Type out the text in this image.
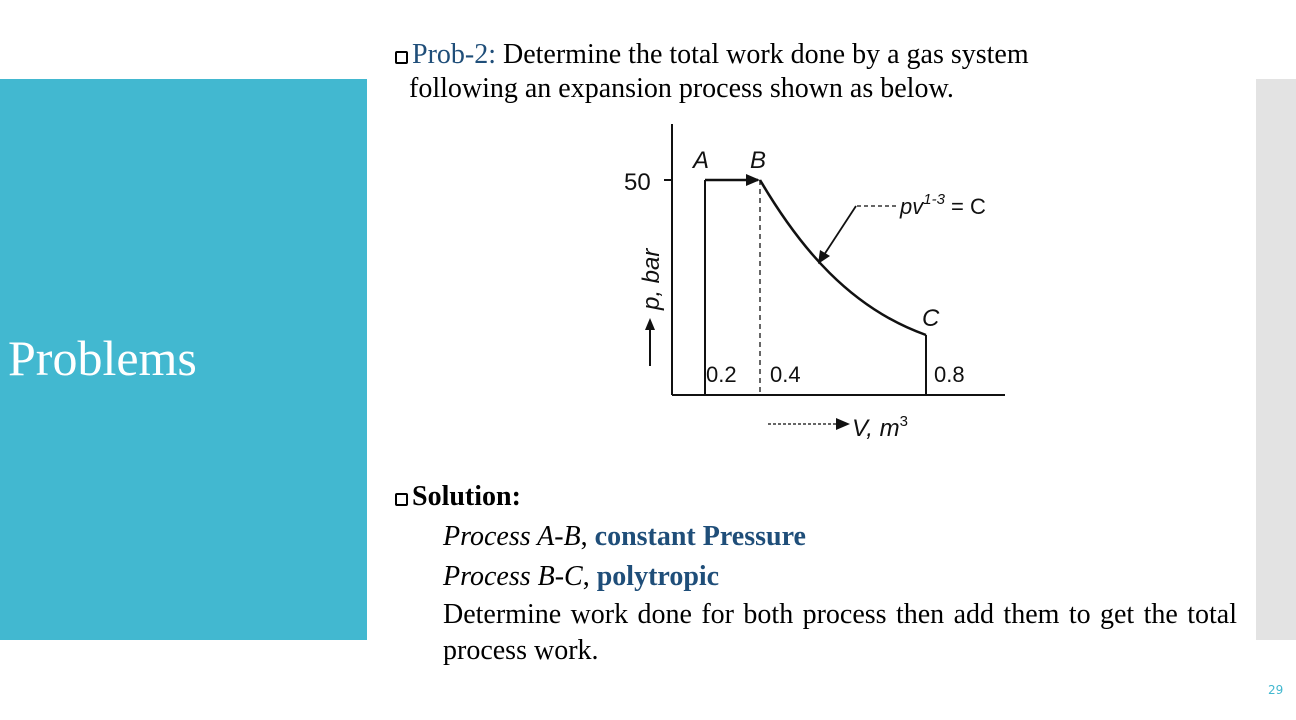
Problems
Prob-2: Determine the total work done by a gas system
following an expansion process shown as below.
50
p, bar
A B
C
0.2 0.4	0.8
$pv^{1-3} = C$
V, $m^3$
Solution:
Process A-B, constant Pressure
Process B-C, polytropic
Determine work done for both process then add them to get the total process work.
29
